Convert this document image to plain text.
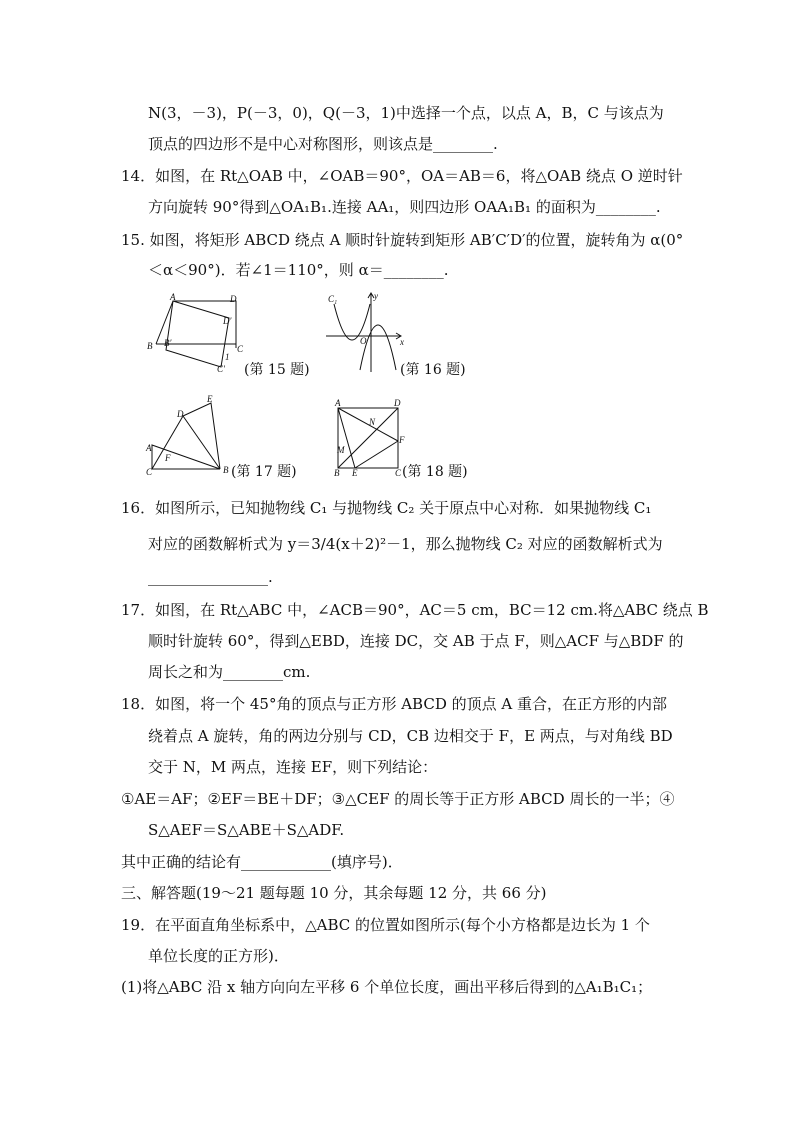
N(3，－3)，P(－3，0)，Q(－3，1)中选择一个点，以点 A，B，C 与该点为
顶点的四边形不是中心对称图形，则该点是________.
14．如图，在 Rt△OAB 中，∠OAB＝90°，OA＝AB＝6，将△OAB 绕点 O 逆时针
方向旋转 90°得到△OA₁B₁.连接 AA₁，则四边形 OAA₁B₁ 的面积为________.
15. 如图，将矩形 ABCD 绕点 A 顺时针旋转到矩形 AB′C′D′的位置，旋转角为 α(0°
＜α＜90°)．若∠1＝110°，则 α＝________.
A	D
D′
B B′
C
1
C′ (第 15 题)
C₁	y
O	x
(第 16 题)
E
D
A
F
C	B (第 17 题)
A
N
D
F
M
B E	C (第 18 题)
16．如图所示，已知抛物线 C₁ 与抛物线 C₂ 关于原点中心对称．如果抛物线 C₁
对应的函数解析式为 y＝3/4(x＋2)²－1，那么抛物线 C₂ 对应的函数解析式为
________________.
17．如图，在 Rt△ABC 中，∠ACB＝90°，AC＝5 cm，BC＝12 cm.将△ABC 绕点 B
顺时针旋转 60°，得到△EBD，连接 DC，交 AB 于点 F，则△ACF 与△BDF 的
周长之和为________cm.
18．如图，将一个 45°角的顶点与正方形 ABCD 的顶点 A 重合，在正方形的内部
绕着点 A 旋转，角的两边分别与 CD，CB 边相交于 F，E 两点，与对角线 BD
交于 N，M 两点，连接 EF，则下列结论：
①AE＝AF；②EF＝BE＋DF；③△CEF 的周长等于正方形 ABCD 周长的一半；④
S△AEF＝S△ABE＋S△ADF.
其中正确的结论有____________(填序号)．
三、解答题(19～21 题每题 10 分，其余每题 12 分，共 66 分)
19．在平面直角坐标系中，△ABC 的位置如图所示(每个小方格都是边长为 1 个
单位长度的正方形)．
(1)将△ABC 沿 x 轴方向向左平移 6 个单位长度，画出平移后得到的△A₁B₁C₁；
